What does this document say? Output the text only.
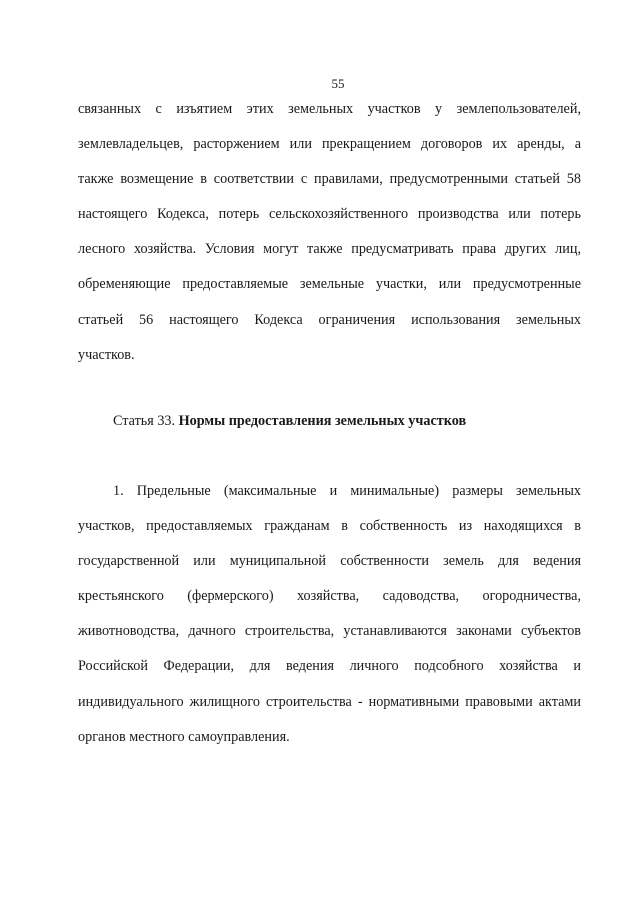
55
связанных с изъятием этих земельных участков у землепользователей,
землевладельцев, расторжением или прекращением договоров их аренды, а
также возмещение в соответствии с правилами, предусмотренными статьей 58
настоящего Кодекса, потерь сельскохозяйственного производства или потерь
лесного хозяйства. Условия могут также предусматривать права других лиц,
обременяющие предоставляемые земельные участки, или предусмотренные
статьей 56 настоящего Кодекса ограничения использования земельных
участков.
Статья 33. Нормы предоставления земельных участков
1. Предельные (максимальные и минимальные) размеры земельных
участков, предоставляемых гражданам в собственность из находящихся в
государственной или муниципальной собственности земель для ведения
крестьянского (фермерского) хозяйства, садоводства, огородничества,
животноводства, дачного строительства, устанавливаются законами субъектов
Российской Федерации, для ведения личного подсобного хозяйства и
индивидуального жилищного строительства - нормативными правовыми актами
органов местного самоуправления.
